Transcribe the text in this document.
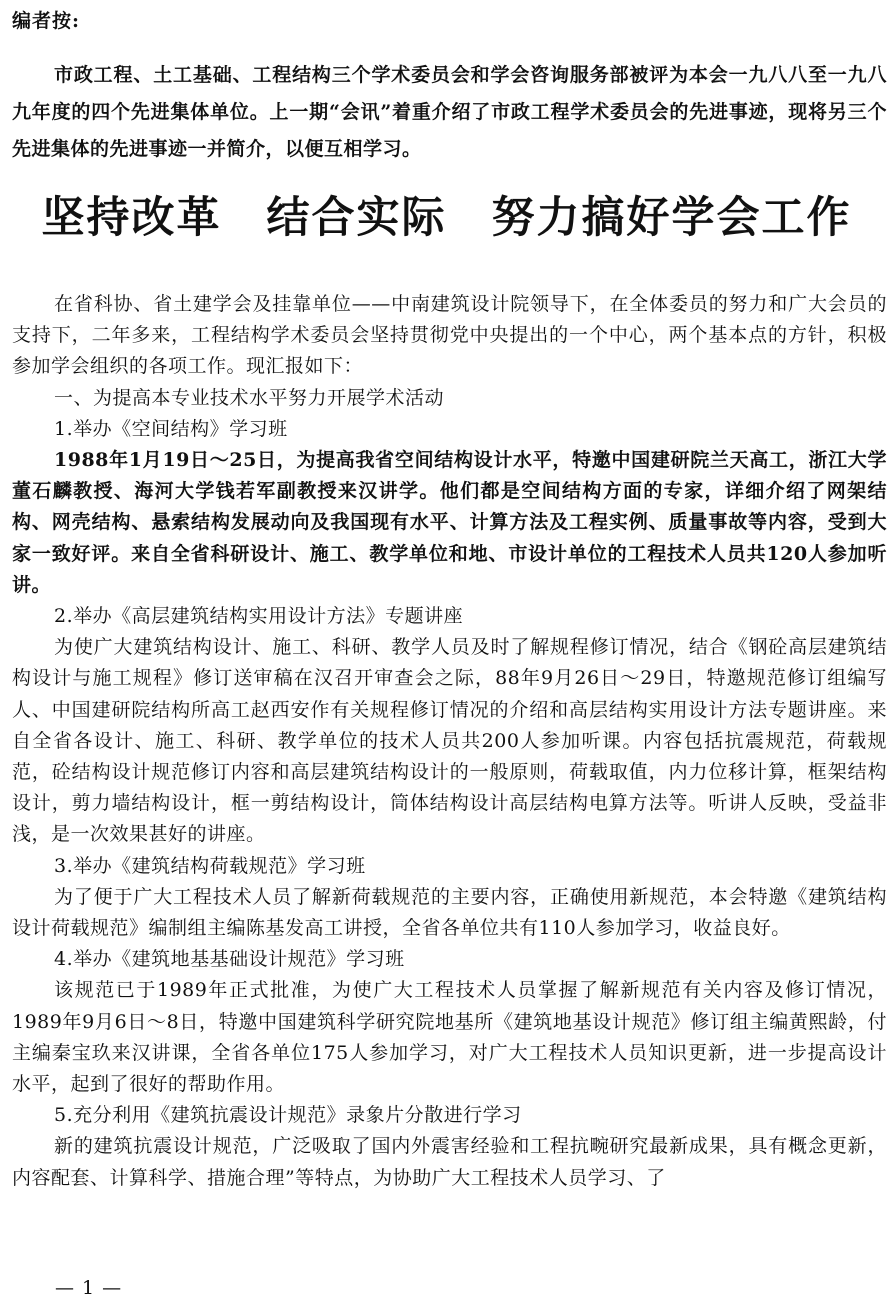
编者按:

市政工程、土工基础、工程结构三个学术委员会和学会咨询服务部被评为本会一九八八至一九八九年度的四个先进集体单位。上一期“会讯”着重介绍了市政工程学术委员会的先进事迹，现将另三个先进集体的先进事迹一并简介，以便互相学习。

坚持改革　结合实际　努力搞好学会工作

在省科协、省土建学会及挂靠单位——中南建筑设计院领导下，在全体委员的努力和广大会员的支持下，二年多来，工程结构学术委员会坚持贯彻党中央提出的一个中心，两个基本点的方针，积极参加学会组织的各项工作。现汇报如下：

一、为提高本专业技术水平努力开展学术活动

1.举办《空间结构》学习班

1988年1月19日～25日，为提高我省空间结构设计水平，特邀中国建研院兰天高工，浙江大学董石麟教授、海河大学钱若军副教授来汉讲学。他们都是空间结构方面的专家，详细介绍了网架结构、网壳结构、悬索结构发展动向及我国现有水平、计算方法及工程实例、质量事故等内容，受到大家一致好评。来自全省科研设计、施工、教学单位和地、市设计单位的工程技术人员共120人参加听讲。

2.举办《高层建筑结构实用设计方法》专题讲座

为使广大建筑结构设计、施工、科研、教学人员及时了解规程修订情况，结合《钢砼高层建筑结构设计与施工规程》修订送审稿在汉召开审查会之际，88年9月26日～29日，特邀规范修订组编写人、中国建研院结构所高工赵西安作有关规程修订情况的介绍和高层结构实用设计方法专题讲座。来自全省各设计、施工、科研、教学单位的技术人员共200人参加听课。内容包括抗震规范，荷载规范，砼结构设计规范修订内容和高层建筑结构设计的一般原则，荷载取值，内力位移计算，框架结构设计，剪力墙结构设计，框一剪结构设计，筒体结构设计高层结构电算方法等。听讲人反映，受益非浅，是一次效果甚好的讲座。

3.举办《建筑结构荷载规范》学习班

为了便于广大工程技术人员了解新荷载规范的主要内容，正确使用新规范，本会特邀《建筑结构设计荷载规范》编制组主编陈基发高工讲授，全省各单位共有110人参加学习，收益良好。

4.举办《建筑地基基础设计规范》学习班

该规范已于1989年正式批准，为使广大工程技术人员掌握了解新规范有关内容及修订情况，1989年9月6日～8日，特邀中国建筑科学研究院地基所《建筑地基设计规范》修订组主编黄熙龄，付主编秦宝玖来汉讲课，全省各单位175人参加学习，对广大工程技术人员知识更新，进一步提高设计水平，起到了很好的帮助作用。

5.充分利用《建筑抗震设计规范》录象片分散进行学习

新的建筑抗震设计规范，广泛吸取了国内外震害经验和工程抗畹研究最新成果，具有概念更新，内容配套、计算科学、措施合理”等特点，为协助广大工程技术人员学习、了

— 1 —
